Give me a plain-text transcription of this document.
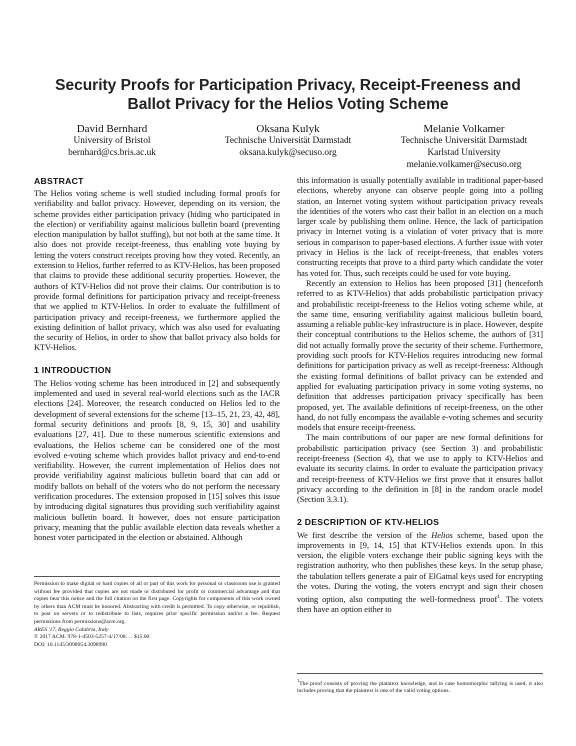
Security Proofs for Participation Privacy, Receipt-Freeness and Ballot Privacy for the Helios Voting Scheme
David Bernhard
University of Bristol
bernhard@cs.bris.ac.uk
Oksana Kulyk
Technische Universität Darmstadt
oksana.kulyk@secuso.org
Melanie Volkamer
Technische Universität Darmstadt
Karlstad University
melanie.volkamer@secuso.org
ABSTRACT

The Helios voting scheme is well studied including formal proofs for verifiability and ballot privacy. However, depending on its version, the scheme provides either participation privacy (hiding who participated in the election) or verifiability against malicious bulletin board (preventing election manipulation by ballot stuffing), but not both at the same time. It also does not provide receipt-freeness, thus enabling vote buying by letting the voters construct receipts proving how they voted. Recently, an extension to Helios, further referred to as KTV-Helios, has been proposed that claims to provide these additional security properties. However, the authors of KTV-Helios did not prove their claims. Our contribution is to provide formal definitions for participation privacy and receipt-freeness that we applied to KTV-Helios. In order to evaluate the fulfillment of participation privacy and receipt-freeness, we furthermore applied the existing definition of ballot privacy, which was also used for evaluating the security of Helios, in order to show that ballot privacy also holds for KTV-Helios.

1 INTRODUCTION

The Helios voting scheme has been introduced in [2] and subsequently implemented and used in several real-world elections such as the IACR elections [24]. Moreover, the research conducted on Helios led to the development of several extensions for the scheme [13–15, 21, 23, 42, 48], formal security definitions and proofs [8, 9, 15, 30] and usability evaluations [27, 41]. Due to these numerous scientific extensions and evaluations, the Helios scheme can be considered one of the most evolved e-voting scheme which provides ballot privacy and end-to-end verifiability. However, the current implementation of Helios does not provide verifiability against malicious bulletin board that can add or modify ballots on behalf of the voters who do not perform the necessary verification procedures. The extension proposed in [15] solves this issue by introducing digital signatures thus providing such verifiability against malicious bulletin board. It however, does not ensure participation privacy, meaning that the public available election data reveals whether a honest voter participated in the election or abstained. Although

Permission to make digital or hard copies of all or part of this work for personal or classroom use is granted without fee provided that copies are not made or distributed for profit or commercial advantage and that copies bear this notice and the full citation on the first page. Copyrights for components of this work owned by others than ACM must be honored. Abstracting with credit is permitted. To copy otherwise, or republish, to post on servers or to redistribute to lists, requires prior specific permission and/or a fee. Request permissions from permissions@acm.org.

ARES '17, Reggio Calabria, Italy
© 2017 ACM. 978-1-4503-5257-4/17/08. . . $15.00
DOI: 10.1145/3098954.3098990

this information is usually potentially available in traditional paper-based elections, whereby anyone can observe people going into a polling station, an Internet voting system without participation privacy reveals the identities of the voters who cast their ballot in an election on a much larger scale by publishing them online. Hence, the lack of participation privacy in Internet voting is a violation of voter privacy that is more serious in comparison to paper-based elections. A further issue with voter privacy in Helios is the lack of receipt-freeness, that enables voters constructing receipts that prove to a third party which candidate the voter has voted for. Thus, such receipts could be used for vote buying.

Recently an extension to Helios has been proposed [31] (henceforth referred to as KTV-Helios) that adds probabilistic participation privacy and probabilistic receipt-freeness to the Helios voting scheme while, at the same time, ensuring verifiability against malicious bulletin board, assuming a reliable public-key infrastructure is in place. However, despite their conceptual contributions to the Helios scheme, the authors of [31] did not actually formally prove the security of their scheme. Furthermore, providing such proofs for KTV-Helios requires introducing new formal definitions for participation privacy as well as receipt-freeness: Although the existing formal definitions of ballot privacy can be extended and applied for evaluating participation privacy in some voting systems, no definition that addresses participation privacy specifically has been proposed, yet. The available definitions of receipt-freeness, on the other hand, do not fully encompass the available e-voting schemes and security models that ensure receipt-freeness.

The main contributions of our paper are new formal definitions for probabilistic participation privacy (see Section 3) and probabilistic receipt-freeness (Section 4), that we use to apply to KTV-Helios and evaluate its security claims. In order to evaluate the participation privacy and receipt-freeness of KTV-Helios we first prove that it ensures ballot privacy according to the definition in [8] in the random oracle model (Section 3.3.1).

2 DESCRIPTION OF KTV-HELIOS

We first describe the version of the Helios scheme, based upon the improvements in [9, 14, 15] that KTV-Helios extends upon. In this version, the eligible voters exchange their public signing keys with the registration authority, who then publishes these keys. In the setup phase, the tabulation tellers generate a pair of ElGamal keys used for encrypting the votes. During the voting, the voters encrypt and sign their chosen voting option, also computing the well-formedness proof$^1$. The voters then have an option either to

$^1$The proof consists of proving the plaintext knowledge, and in case homomorphic tallying is used, it also includes proving that the plaintext is one of the valid voting options.
